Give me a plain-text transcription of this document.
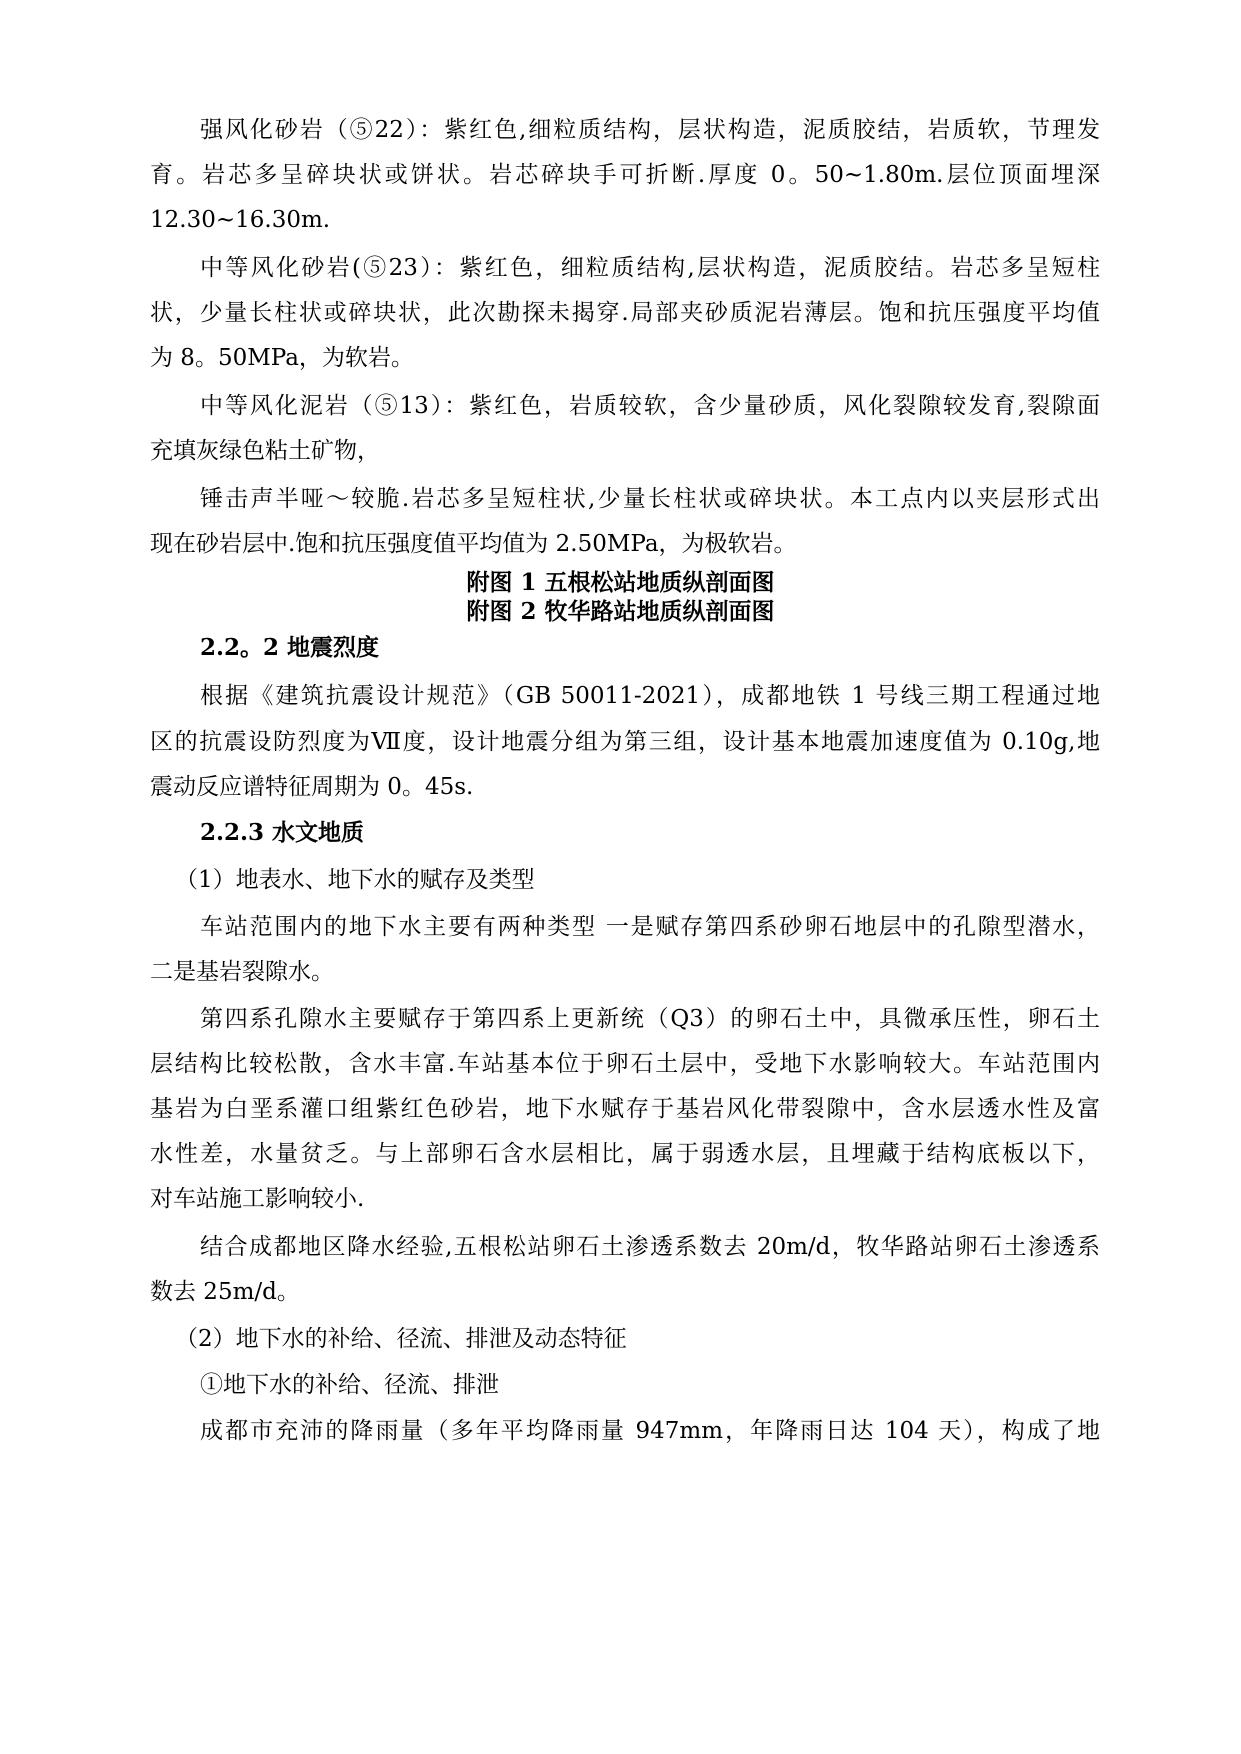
强风化砂岩（⑤22）：紫红色,细粒质结构，层状构造，泥质胶结，岩质软，节理发
育。岩芯多呈碎块状或饼状。岩芯碎块手可折断.厚度 0。50~1.80m.层位顶面埋深
12.30~16.30m.
中等风化砂岩(⑤23）：紫红色，细粒质结构,层状构造，泥质胶结。岩芯多呈短柱
状，少量长柱状或碎块状，此次勘探未揭穿.局部夹砂质泥岩薄层。饱和抗压强度平均值
为 8。50MPa，为软岩。
中等风化泥岩（⑤13）：紫红色，岩质较软，含少量砂质，风化裂隙较发育,裂隙面
充填灰绿色粘土矿物，
锤击声半哑～较脆.岩芯多呈短柱状,少量长柱状或碎块状。本工点内以夹层形式出
现在砂岩层中.饱和抗压强度值平均值为 2.50MPa，为极软岩。
附图 1 五根松站地质纵剖面图
附图 2 牧华路站地质纵剖面图
2.2。2 地震烈度
根据《建筑抗震设计规范》（GB 50011-2021），成都地铁 1 号线三期工程通过地
区的抗震设防烈度为Ⅶ度，设计地震分组为第三组，设计基本地震加速度值为 0.10g,地
震动反应谱特征周期为 0。45s.
2.2.3 水文地质
（1）地表水、地下水的赋存及类型
车站范围内的地下水主要有两种类型 一是赋存第四系砂卵石地层中的孔隙型潜水，
二是基岩裂隙水。
第四系孔隙水主要赋存于第四系上更新统（Q3）的卵石土中，具微承压性，卵石土
层结构比较松散，含水丰富.车站基本位于卵石土层中，受地下水影响较大。车站范围内
基岩为白垩系灌口组紫红色砂岩，地下水赋存于基岩风化带裂隙中，含水层透水性及富
水性差，水量贫乏。与上部卵石含水层相比，属于弱透水层，且埋藏于结构底板以下，
对车站施工影响较小.
结合成都地区降水经验,五根松站卵石土渗透系数去 20m/d，牧华路站卵石土渗透系
数去 25m/d。
（2）地下水的补给、径流、排泄及动态特征
①地下水的补给、径流、排泄
成都市充沛的降雨量（多年平均降雨量 947mm，年降雨日达 104 天），构成了地
